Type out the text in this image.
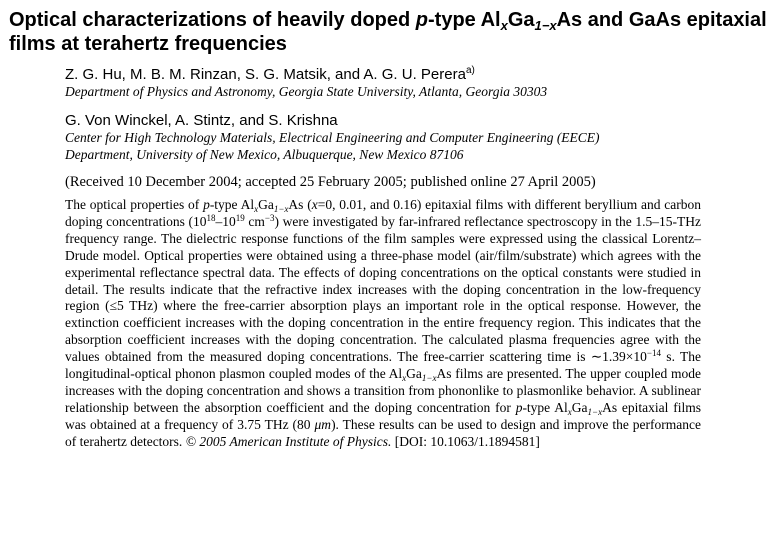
Optical characterizations of heavily doped p-type $Al_xGa_{1-x}As$ and GaAs epitaxial films at terahertz frequencies
Z. G. Hu, M. B. M. Rinzan, S. G. Matsik, and A. G. U. Perera$^{a)}$
Department of Physics and Astronomy, Georgia State University, Atlanta, Georgia 30303
G. Von Winckel, A. Stintz, and S. Krishna
Center for High Technology Materials, Electrical Engineering and Computer Engineering (EECE)
Department, University of New Mexico, Albuquerque, New Mexico 87106
(Received 10 December 2004; accepted 25 February 2005; published online 27 April 2005)

The optical properties of p-type $Al_xGa_{1-x}As$ (x=0, 0.01, and 0.16) epitaxial films with different beryllium and carbon doping concentrations ($10^{18}-10^{19}$ $cm^{-3}$) were investigated by far-infrared reflectance spectroscopy in the 1.5–15-THz frequency range. The dielectric response functions of the film samples were expressed using the classical Lorentz–Drude model. Optical properties were obtained using a three-phase model (air/film/substrate) which agrees with the experimental reflectance spectral data. The effects of doping concentrations on the optical constants were studied in detail. The results indicate that the refractive index increases with the doping concentration in the low-frequency region (≤5 THz) where the free-carrier absorption plays an important role in the optical response. However, the extinction coefficient increases with the doping concentration in the entire frequency region. This indicates that the absorption coefficient increases with the doping concentration. The calculated plasma frequencies agree with the values obtained from the measured doping concentrations. The free-carrier scattering time is $\sim 1.39\times 10^{-14}$ s. The longitudinal-optical phonon plasmon coupled modes of the $Al_xGa_{1-x}As$ films are presented. The upper coupled mode increases with the doping concentration and shows a transition from phononlike to plasmonlike behavior. A sublinear relationship between the absorption coefficient and the doping concentration for p-type $Al_xGa_{1-x}As$ epitaxial films was obtained at a frequency of 3.75 THz (80 μm). These results can be used to design and improve the performance of terahertz detectors. © 2005 American Institute of Physics. [DOI: 10.1063/1.1894581]
